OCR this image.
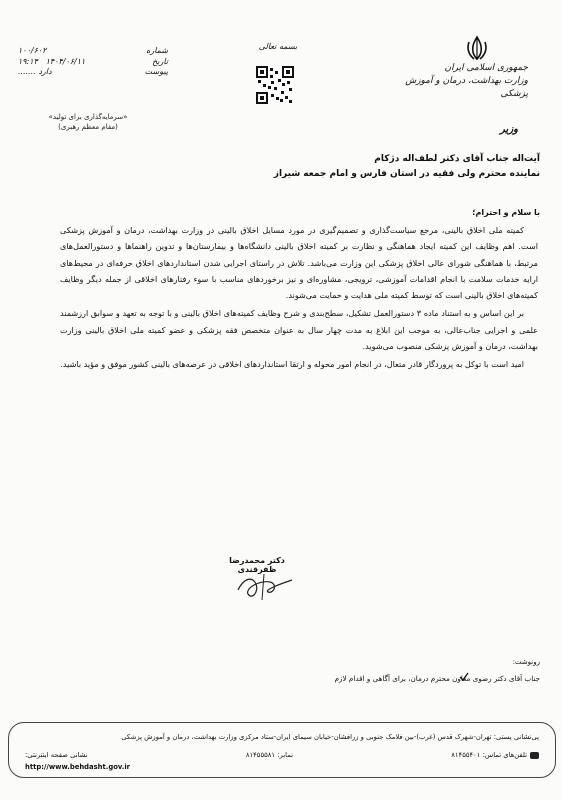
جمهوری اسلامی ایران
وزارت بهداشت، درمان و آموزش پزشکی
وزیر
بسمه تعالی
شماره
۱۰۰/۶۰۲
تاریخ
۱۹:۱۴ ۱۴۰۴/۰۶/۱۱
پیوست
....... دارد
«سرمایه‌گذاری برای تولید»
(مقام معظم رهبری)
آیت‌اله جناب آقای دکتر لطف‌اله دژکام
نماینده محترم ولی فقیه در استان فارس و امام جمعه شیراز
با سلام و احترام؛

کمیته ملی اخلاق بالینی، مرجع سیاست‌گذاری و تصمیم‌گیری در مورد مسایل اخلاق بالینی در وزارت بهداشت، درمان و آموزش پزشکی است. اهم وظایف این کمیته ایجاد هماهنگی و نظارت بر کمیته اخلاق بالینی دانشگاه‌ها و بیمارستان‌ها و تدوین راهنماها و دستورالعمل‌های مرتبط، با هماهنگی شورای عالی اخلاق پزشکی این وزارت می‌باشد. تلاش در راستای اجرایی شدن استانداردهای اخلاق حرفه‌ای در محیط‌های ارایه خدمات سلامت با انجام اقدامات آموزشی، ترویجی، مشاوره‌ای و نیز برخوردهای مناسب با سوء رفتارهای اخلاقی از جمله دیگر وظایف کمیته‌های اخلاق بالینی است که توسط کمیته ملی هدایت و حمایت می‌شوند.

بر این اساس و به استناد ماده ۳ دستورالعمل تشکیل، سطح‌بندی و شرح وظایف کمیته‌های اخلاق بالینی و با توجه به تعهد و سوابق ارزشمند علمی و اجرایی جناب‌عالی، به موجب این ابلاغ به مدت چهار سال به عنوان متخصص فقه پزشکی و عضو کمیته ملی اخلاق بالینی وزارت بهداشت، درمان و آموزش پزشکی منصوب می‌شوید.

امید است با توکل به پروردگار قادر متعال، در انجام امور محوله و ارتقا استانداردهای اخلاقی در عرصه‌های بالینی کشور موفق و مؤید باشید.

دکتر محمدرضا ظفرقندی
رونوشت:
جناب آقای دکتر رضوی معاون محترم درمان، برای آگاهی و اقدام لازم
پی‌نشانی پستی: تهران-شهرک قدس (غرب)-بین فلامک جنوبی و زرافشان-خیابان سیمای ایران-ستاد مرکزی وزارت بهداشت، درمان و آموزش پزشکی
تلفن‌های تماس: ۸۱۴۵۵۴۰۱
نمابر: ۸۱۴۵۵۵۸۱
نشانی صفحه اینترنتی:
http://www.behdasht.gov.ir
